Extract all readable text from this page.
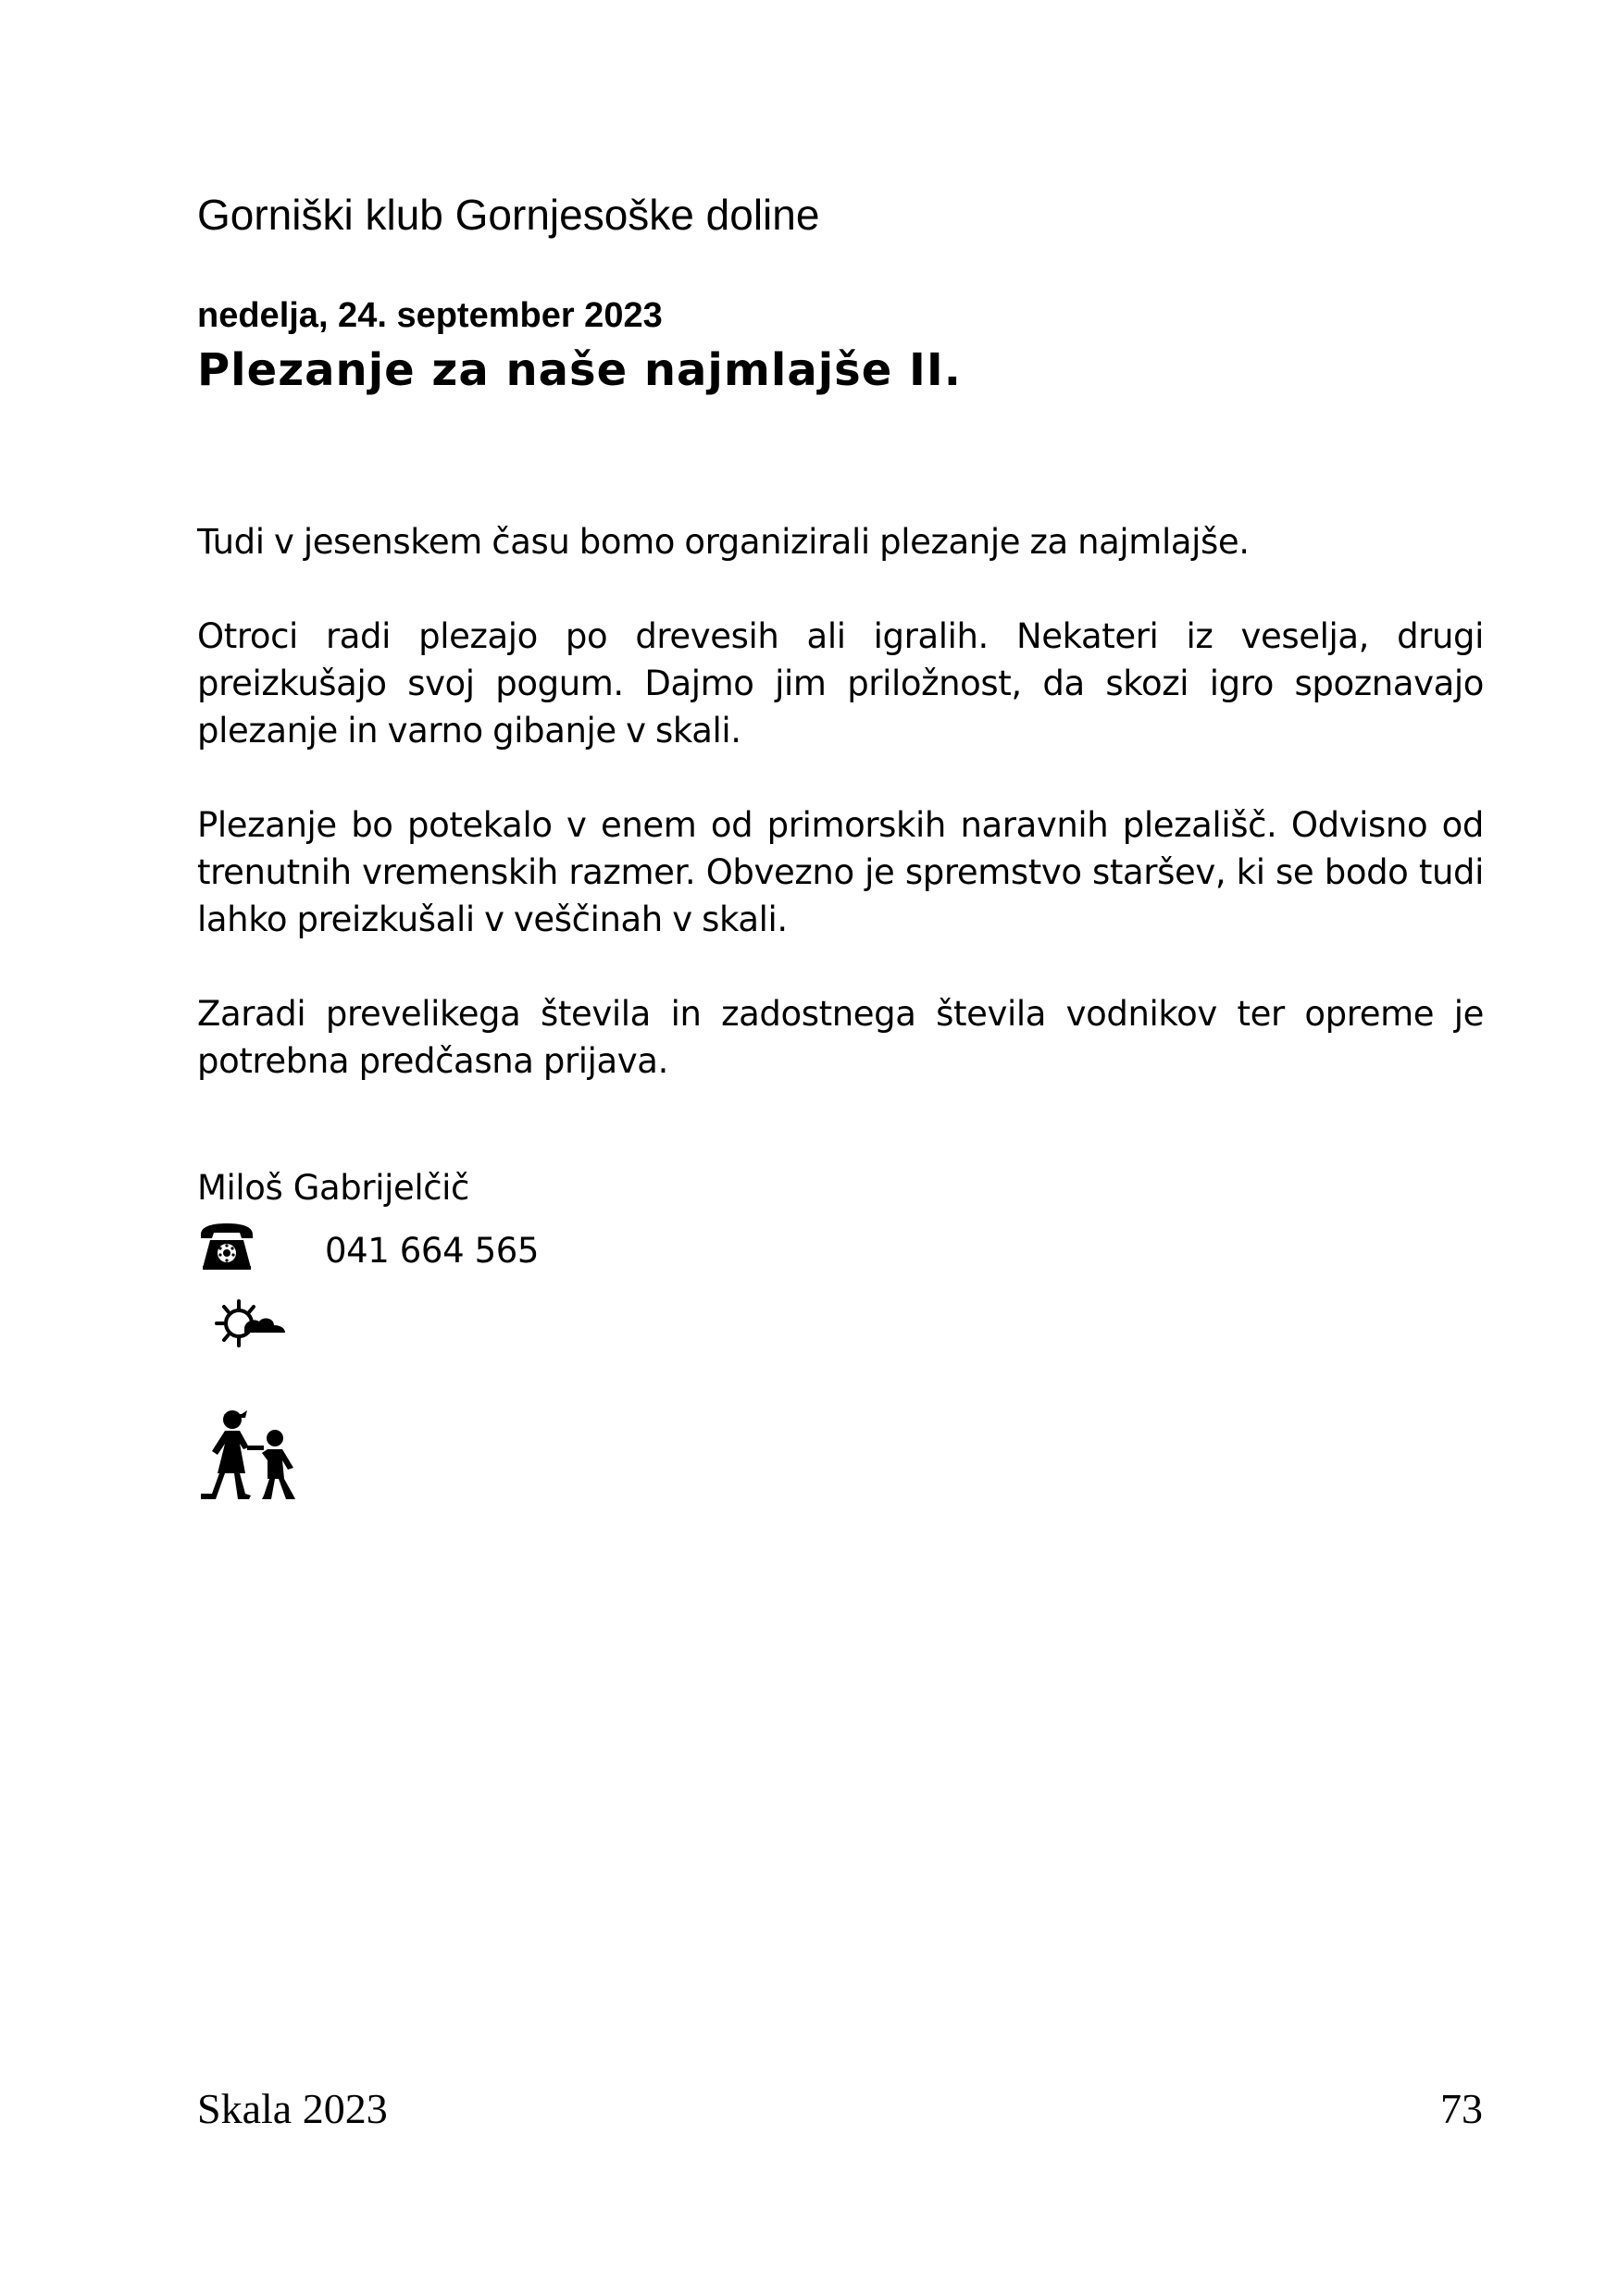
Gorniški klub Gornjesoške doline
nedelja, 24. september 2023
Plezanje za naše najmlajše II.

Tudi v jesenskem času bomo organizirali plezanje za najmlajše.

Otroci radi plezajo po drevesih ali igralih. Nekateri iz veselja, drugi preizkušajo svoj pogum. Dajmo jim priložnost, da skozi igro spoznavajo plezanje in varno gibanje v skali.

Plezanje bo potekalo v enem od primorskih naravnih plezališč. Odvisno od trenutnih vremenskih razmer. Obvezno je spremstvo staršev, ki se bodo tudi lahko preizkušali v veščinah v skali.

Zaradi prevelikega števila in zadostnega števila vodnikov ter opreme je potrebna predčasna prijava.

Miloš Gabrijelčič
041 664 565
Skala 2023	73
